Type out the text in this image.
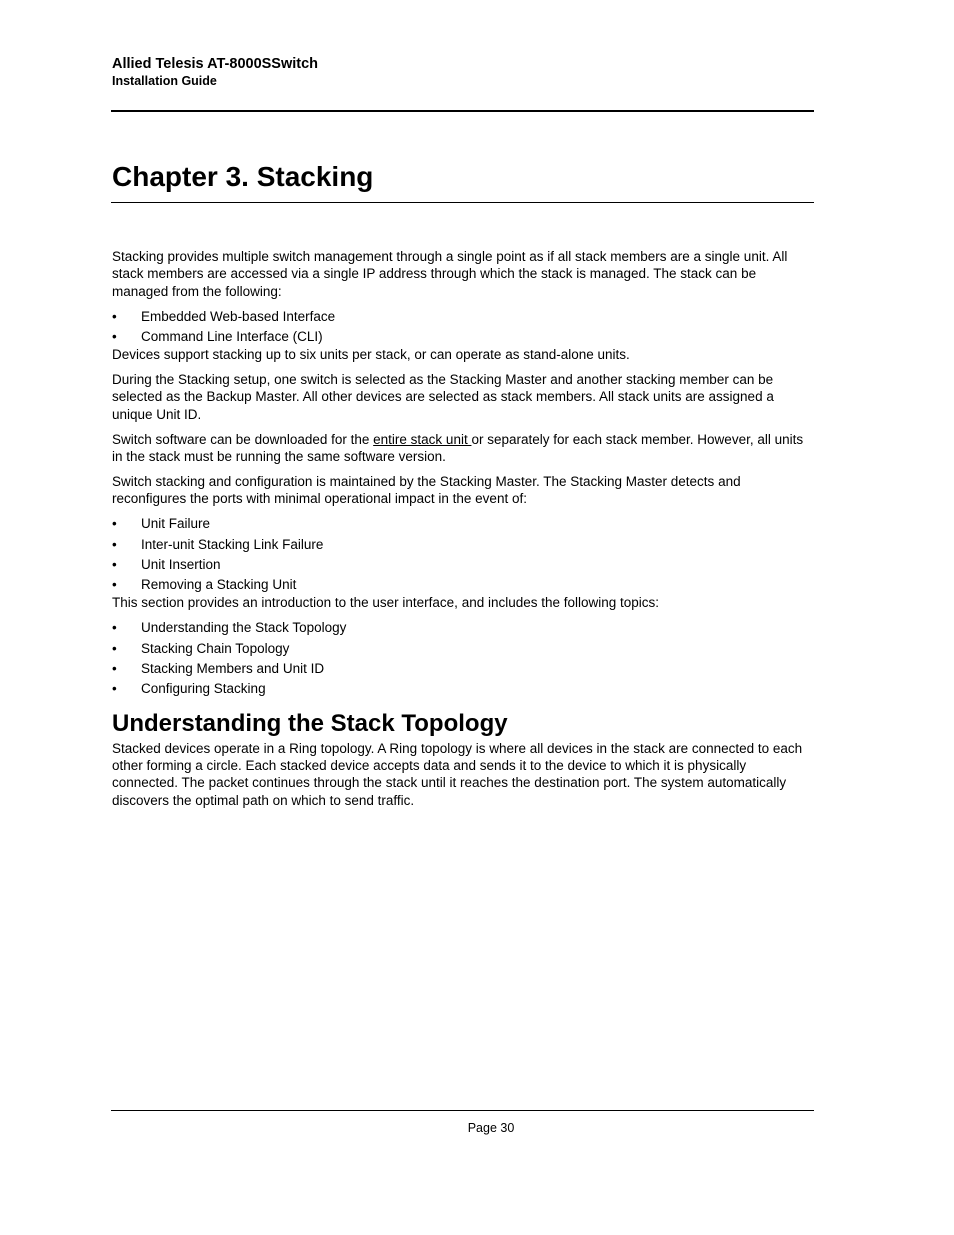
Allied Telesis AT-8000SSwitch
Installation Guide
Chapter 3. Stacking

Stacking provides multiple switch management through a single point as if all stack members are a single unit. All stack members are accessed via a single IP address through which the stack is managed. The stack can be managed from the following:

• Embedded Web-based Interface
• Command Line Interface (CLI)

Devices support stacking up to six units per stack, or can operate as stand-alone units.

During the Stacking setup, one switch is selected as the Stacking Master and another stacking member can be selected as the Backup Master. All other devices are selected as stack members. All stack units are assigned a unique Unit ID.

Switch software can be downloaded for the entire stack unit or separately for each stack member. However, all units in the stack must be running the same software version.

Switch stacking and configuration is maintained by the Stacking Master. The Stacking Master detects and reconfigures the ports with minimal operational impact in the event of:

• Unit Failure
• Inter-unit Stacking Link Failure
• Unit Insertion
• Removing a Stacking Unit

This section provides an introduction to the user interface, and includes the following topics:

• Understanding the Stack Topology
• Stacking Chain Topology
• Stacking Members and Unit ID
• Configuring Stacking
Understanding the Stack Topology

Stacked devices operate in a Ring topology. A Ring topology is where all devices in the stack are connected to each other forming a circle. Each stacked device accepts data and sends it to the device to which it is physically connected. The packet continues through the stack until it reaches the destination port. The system automatically discovers the optimal path on which to send traffic.

Page 30
